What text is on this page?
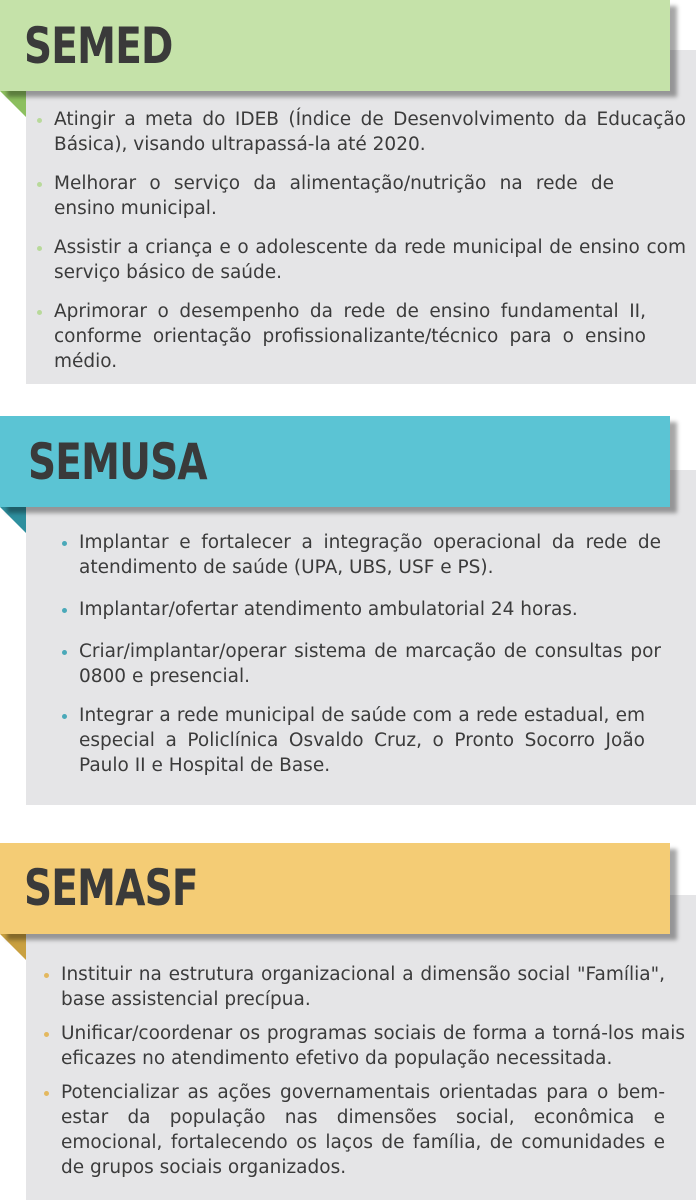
SEMED
Atingir a meta do IDEB (Índice de Desenvolvimento da Educação Básica), visando ultrapassá-la até 2020.
Melhorar o serviço da alimentação/nutrição na rede de ensino municipal.
Assistir a criança e o adolescente da rede municipal de ensino com serviço básico de saúde.
Aprimorar o desempenho da rede de ensino fundamental II, conforme orientação profissionalizante/técnico para o ensino médio.
SEMUSA
Implantar e fortalecer a integração operacional da rede de atendimento de saúde (UPA, UBS, USF e PS).
Implantar/ofertar atendimento ambulatorial 24 horas.
Criar/implantar/operar sistema de marcação de consultas por 0800 e presencial.
Integrar a rede municipal de saúde com a rede estadual, em especial a Policlínica Osvaldo Cruz, o Pronto Socorro João Paulo II e Hospital de Base.
SEMASF
Instituir na estrutura organizacional a dimensão social "Família", base assistencial precípua.
Unificar/coordenar os programas sociais de forma a torná-los mais eficazes no atendimento efetivo da população necessitada.
Potencializar as ações governamentais orientadas para o bem-estar da população nas dimensões social, econômica e emocional, fortalecendo os laços de família, de comunidades e de grupos sociais organizados.
